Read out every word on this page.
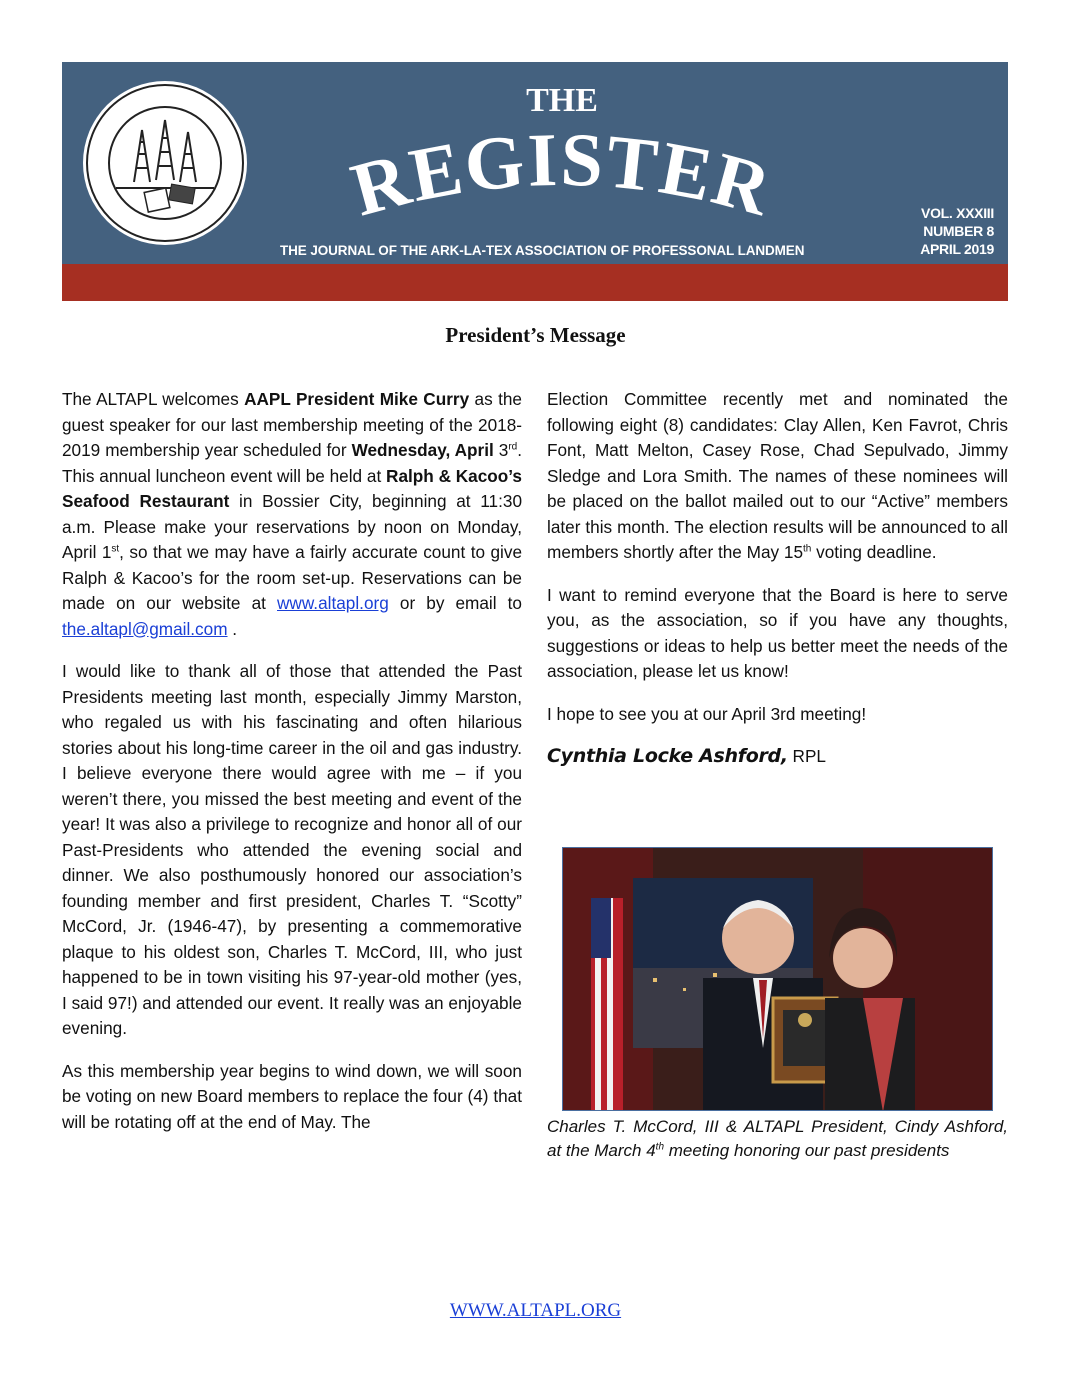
THE
REGISTER
THE JOURNAL OF THE ARK-LA-TEX ASSOCIATION OF PROFESSONAL LANDMEN
VOL. XXXIII
NUMBER 8
APRIL 2019
President’s Message

The ALTAPL welcomes AAPL President Mike Curry as the guest speaker for our last membership meeting of the 2018-2019 membership year scheduled for Wednesday, April 3rd. This annual luncheon event will be held at Ralph & Kacoo’s Seafood Restaurant in Bossier City, beginning at 11:30 a.m. Please make your reservations by noon on Monday, April 1st, so that we may have a fairly accurate count to give Ralph & Kacoo’s for the room set-up. Reservations can be made on our website at www.altapl.org or by email to the.altapl@gmail.com .

I would like to thank all of those that attended the Past Presidents meeting last month, especially Jimmy Marston, who regaled us with his fascinating and often hilarious stories about his long-time career in the oil and gas industry. I believe everyone there would agree with me – if you weren’t there, you missed the best meeting and event of the year! It was also a privilege to recognize and honor all of our Past-Presidents who attended the evening social and dinner. We also posthumously honored our association’s founding member and first president, Charles T. “Scotty” McCord, Jr. (1946-47), by presenting a commemorative plaque to his oldest son, Charles T. McCord, III, who just happened to be in town visiting his 97-year-old mother (yes, I said 97!) and attended our event. It really was an enjoyable evening.

As this membership year begins to wind down, we will soon be voting on new Board members to replace the four (4) that will be rotating off at the end of May. The

Election Committee recently met and nominated the following eight (8) candidates: Clay Allen, Ken Favrot, Chris Font, Matt Melton, Casey Rose, Chad Sepulvado, Jimmy Sledge and Lora Smith. The names of these nominees will be placed on the ballot mailed out to our “Active” members later this month. The election results will be announced to all members shortly after the May 15th voting deadline.

I want to remind everyone that the Board is here to serve you, as the association, so if you have any thoughts, suggestions or ideas to help us better meet the needs of the association, please let us know!

I hope to see you at our April 3rd meeting!

Cynthia Locke Ashford, RPL
Charles T. McCord, III & ALTAPL President, Cindy Ashford, at the March 4th meeting honoring our past presidents
WWW.ALTAPL.ORG
